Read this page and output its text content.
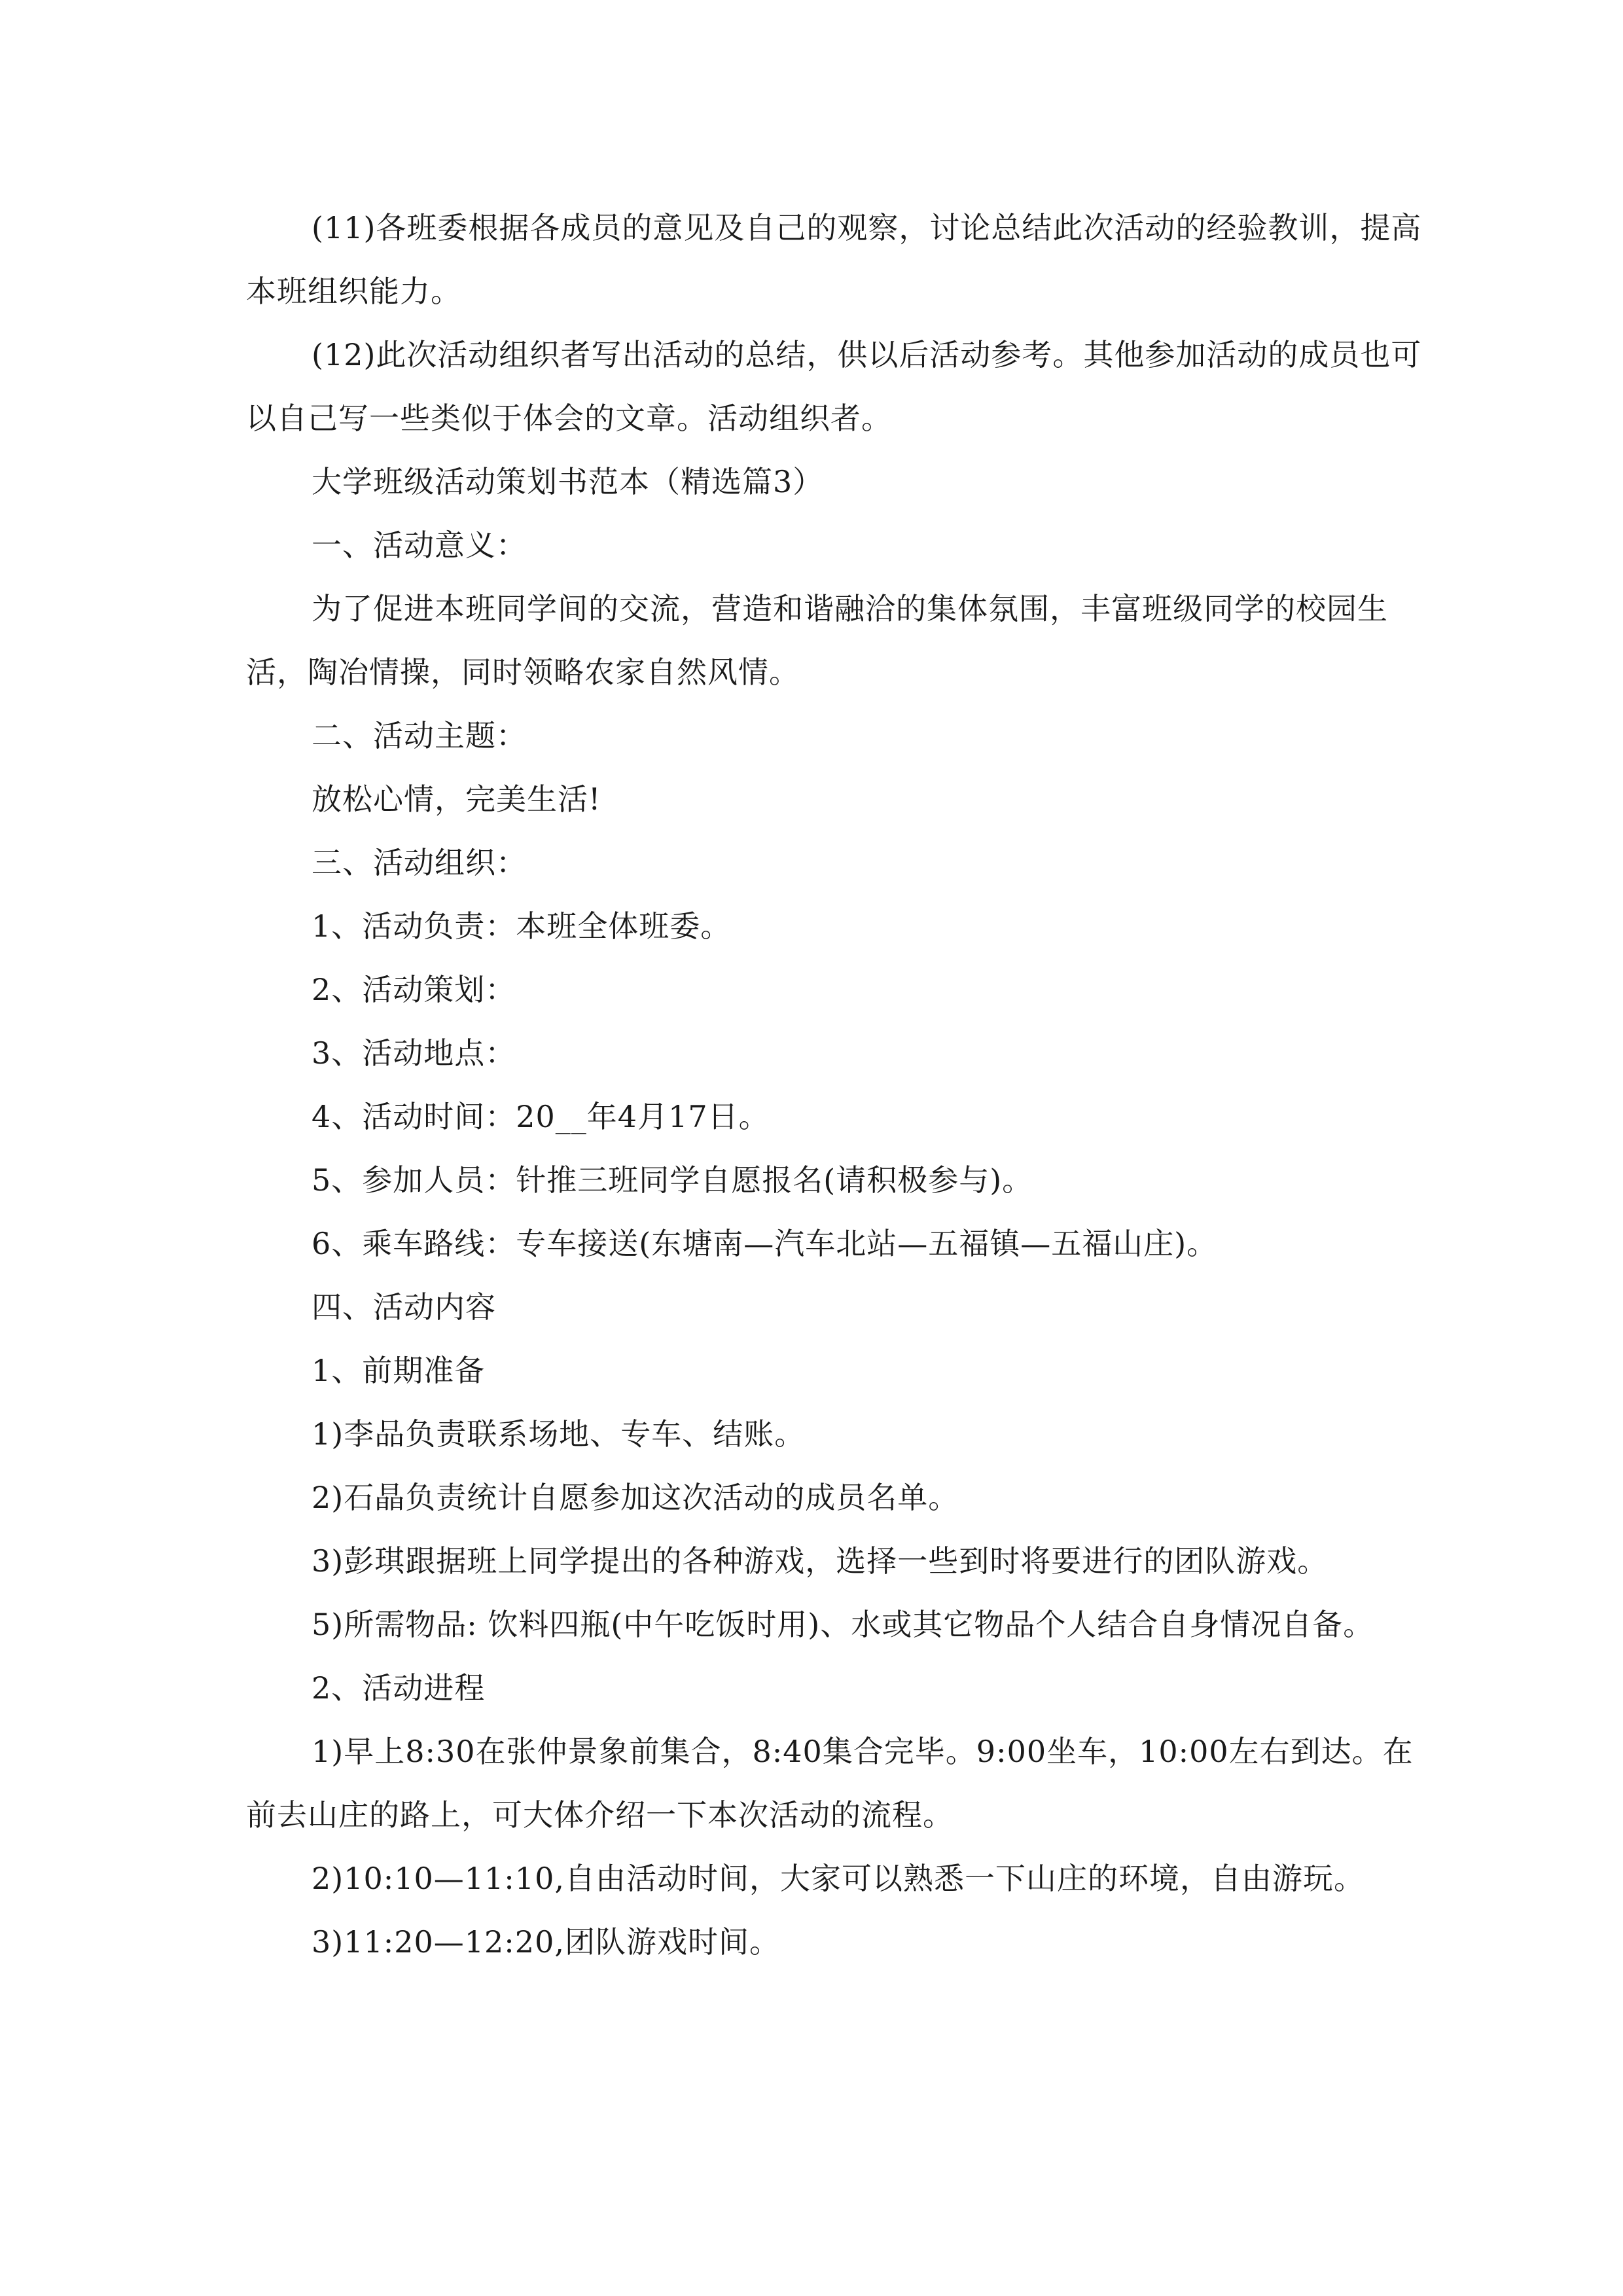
(11)各班委根据各成员的意见及自己的观察，讨论总结此次活动的经验教训，提高本班组织能力。

(12)此次活动组织者写出活动的总结，供以后活动参考。其他参加活动的成员也可以自己写一些类似于体会的文章。活动组织者。

大学班级活动策划书范本（精选篇3）

一、活动意义：

为了促进本班同学间的交流，营造和谐融洽的集体氛围，丰富班级同学的校园生活，陶冶情操，同时领略农家自然风情。

二、活动主题：

放松心情，完美生活!

三、活动组织：

1、活动负责：本班全体班委。

2、活动策划：

3、活动地点：

4、活动时间：20__年4月17日。

5、参加人员：针推三班同学自愿报名(请积极参与)。

6、乘车路线：专车接送(东塘南—汽车北站—五福镇—五福山庄)。

四、活动内容

1、前期准备

1)李品负责联系场地、专车、结账。

2)石晶负责统计自愿参加这次活动的成员名单。

3)彭琪跟据班上同学提出的各种游戏，选择一些到时将要进行的团队游戏。

5)所需物品: 饮料四瓶(中午吃饭时用)、水或其它物品个人结合自身情况自备。

2、活动进程

1)早上8:30在张仲景象前集合，8:40集合完毕。9:00坐车，10:00左右到达。在前去山庄的路上，可大体介绍一下本次活动的流程。

2)10:10—11:10,自由活动时间，大家可以熟悉一下山庄的环境，自由游玩。

3)11:20—12:20,团队游戏时间。
